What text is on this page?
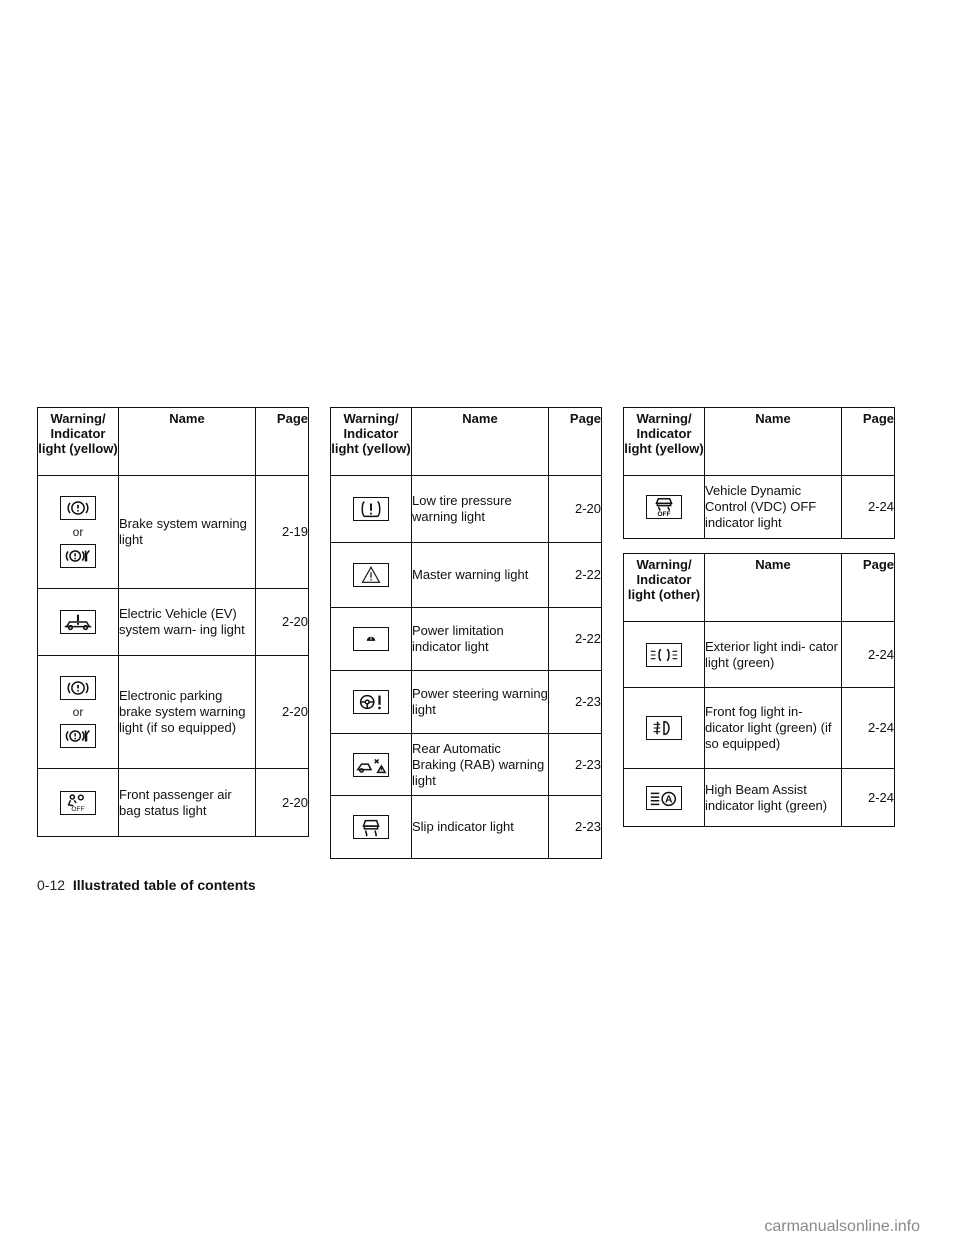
Warning/ Indicator light (yellow)	Name	Page

or	Brake system warning light	2-19

	Electric Vehicle (EV) system warn- ing light	2-20

or	Electronic parking brake system warning light (if so equipped)	2-20

OFF	Front passenger air bag status light	2-20
Warning/ Indicator light (yellow)	Name	Page

	Low tire pressure warning light	2-20

	Master warning light	2-22

	Power limitation indicator light	2-22

	Power steering warning light	2-23

	Rear Automatic Braking (RAB) warning light	2-23

	Slip indicator light	2-23
Warning/ Indicator light (yellow)	Name	Page

OFF	Vehicle Dynamic Control (VDC) OFF indicator light	2-24
Warning/ Indicator light (other)	Name	Page

	Exterior light indi- cator light (green)	2-24

	Front fog light in- dicator light (green) (if so equipped)	2-24

A	High Beam Assist indicator light (green)	2-24
0-12 Illustrated table of contents
carmanualsonline.info
